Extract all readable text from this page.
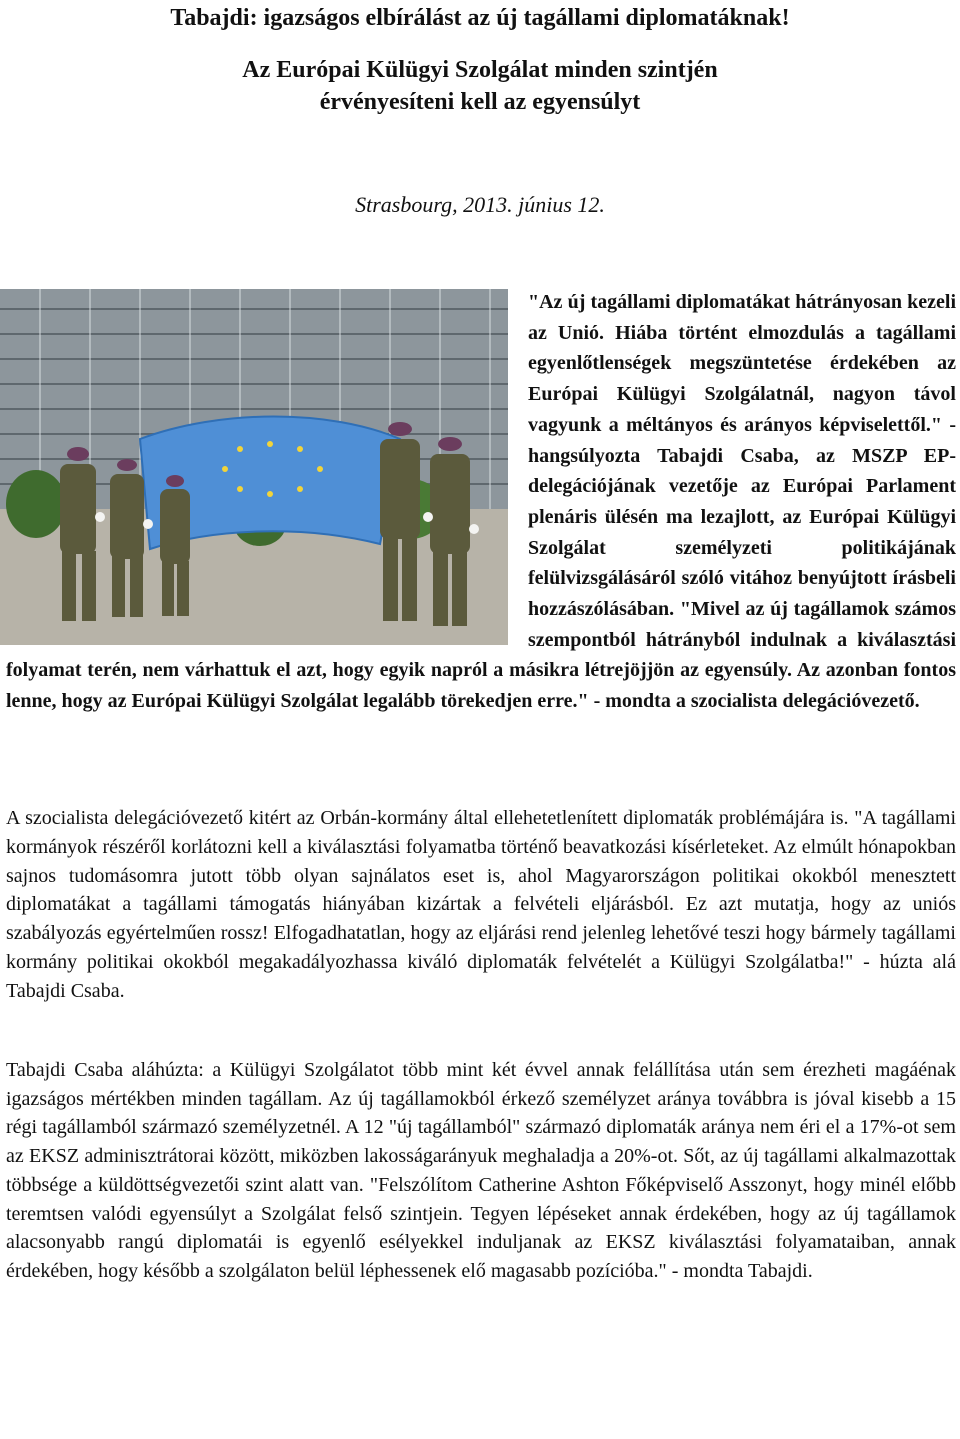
Tabajdi: igazságos elbírálást az új tagállami diplomatáknak!
Az Európai Külügyi Szolgálat minden szintjén
érvényesíteni kell az egyensúlyt
Strasbourg, 2013. június 12.
"Az új tagállami diplomatákat hátrányosan kezeli az Unió. Hiába történt elmozdulás a tagállami egyenlőtlenségek megszüntetése érdekében az Európai Külügyi Szolgálatnál, nagyon távol vagyunk a méltányos és arányos képviselettől." - hangsúlyozta Tabajdi Csaba, az MSZP EP-delegációjának vezetője az Európai Parlament plenáris ülésén ma lezajlott, az Európai Külügyi Szolgálat személyzeti politikájának felülvizsgálásáról szóló vitához benyújtott írásbeli hozzászólásában. "Mivel az új tagállamok számos szempontból hátrányból indulnak a kiválasztási folyamat terén, nem várhattuk el azt, hogy egyik napról a másikra létrejöjjön az egyensúly. Az azonban fontos lenne, hogy az Európai Külügyi Szolgálat legalább törekedjen erre." - mondta a szocialista delegációvezető.
A szocialista delegációvezető kitért az Orbán-kormány által ellehetetlenített diplomaták problémájára is. "A tagállami kormányok részéről korlátozni kell a kiválasztási folyamatba történő beavatkozási kísérleteket. Az elmúlt hónapokban sajnos tudomásomra jutott több olyan sajnálatos eset is, ahol Magyarországon politikai okokból menesztett diplomatákat a tagállami támogatás hiányában kizártak a felvételi eljárásból. Ez azt mutatja, hogy az uniós szabályozás egyértelműen rossz! Elfogadhatatlan, hogy az eljárási rend jelenleg lehetővé teszi hogy bármely tagállami kormány politikai okokból megakadályozhassa kiváló diplomaták felvételét a Külügyi Szolgálatba!" - húzta alá Tabajdi Csaba.
Tabajdi Csaba aláhúzta: a Külügyi Szolgálatot több mint két évvel annak felállítása után sem érezheti magáénak igazságos mértékben minden tagállam. Az új tagállamokból érkező személyzet aránya továbbra is jóval kisebb a 15 régi tagállamból származó személyzetnél. A 12 "új tagállamból" származó diplomaták aránya nem éri el a 17%-ot sem az EKSZ adminisztrátorai között, miközben lakosságarányuk meghaladja a 20%-ot. Sőt, az új tagállami alkalmazottak többsége a küldöttségvezetői szint alatt van. "Felszólítom Catherine Ashton Főképviselő Asszonyt, hogy minél előbb teremtsen valódi egyensúlyt a Szolgálat felső szintjein. Tegyen lépéseket annak érdekében, hogy az új tagállamok alacsonyabb rangú diplomatái is egyenlő esélyekkel induljanak az EKSZ kiválasztási folyamataiban, annak érdekében, hogy később a szolgálaton belül léphessenek elő magasabb pozícióba." - mondta Tabajdi.
